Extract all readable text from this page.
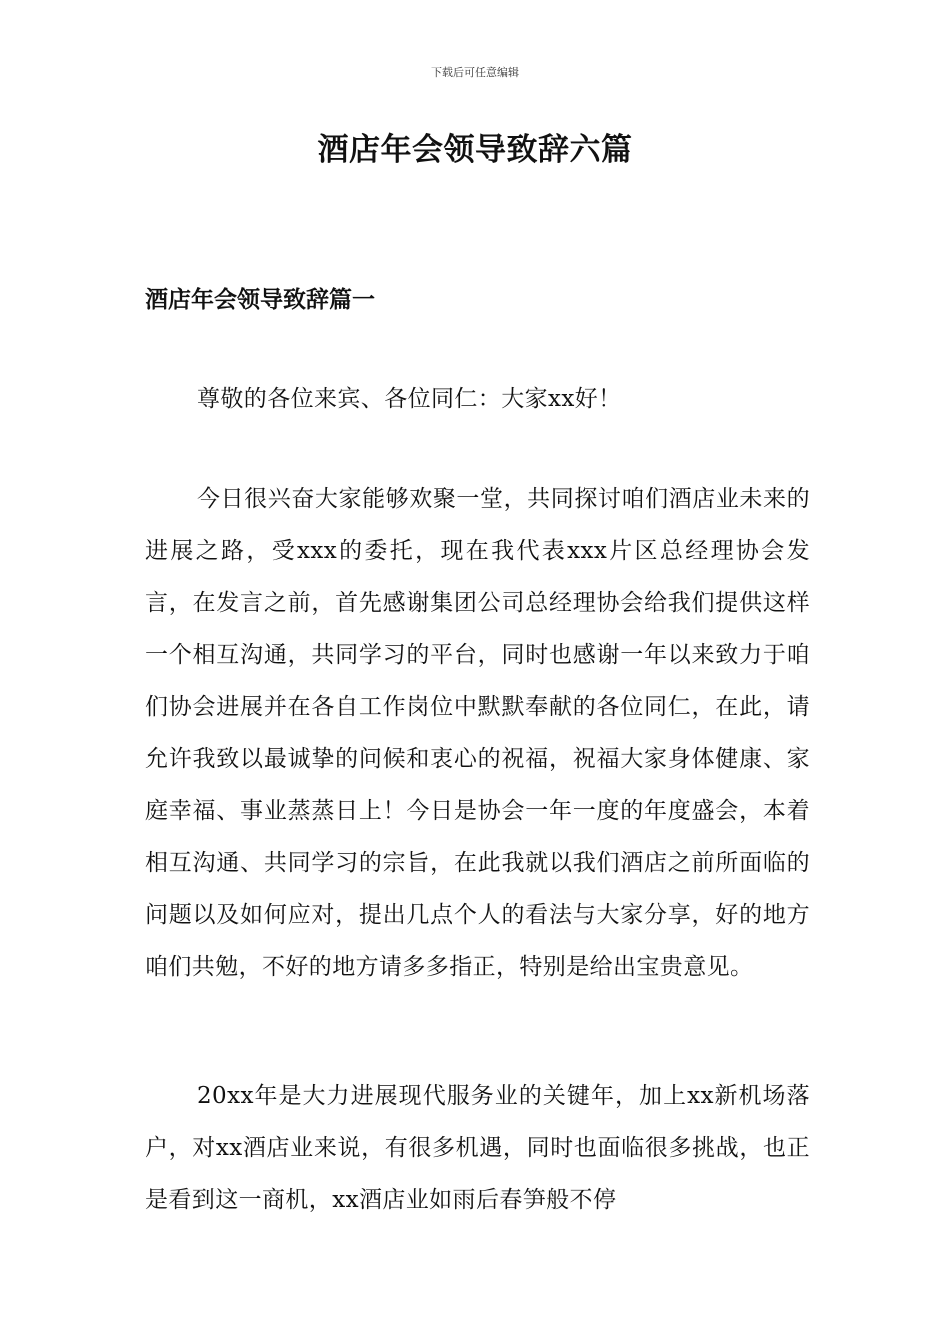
下载后可任意编辑
酒店年会领导致辞六篇
酒店年会领导致辞篇一

尊敬的各位来宾、各位同仁：大家xx好！

今日很兴奋大家能够欢聚一堂，共同探讨咱们酒店业未来的进展之路，受xxx的委托，现在我代表xxx片区总经理协会发言，在发言之前，首先感谢集团公司总经理协会给我们提供这样一个相互沟通，共同学习的平台，同时也感谢一年以来致力于咱们协会进展并在各自工作岗位中默默奉献的各位同仁，在此，请允许我致以最诚挚的问候和衷心的祝福，祝福大家身体健康、家庭幸福、事业蒸蒸日上！今日是协会一年一度的年度盛会，本着相互沟通、共同学习的宗旨，在此我就以我们酒店之前所面临的问题以及如何应对，提出几点个人的看法与大家分享，好的地方咱们共勉，不好的地方请多多指正，特别是给出宝贵意见。

20xx年是大力进展现代服务业的关键年，加上xx新机场落户，对xx酒店业来说，有很多机遇，同时也面临很多挑战，也正是看到这一商机，xx酒店业如雨后春笋般不停
